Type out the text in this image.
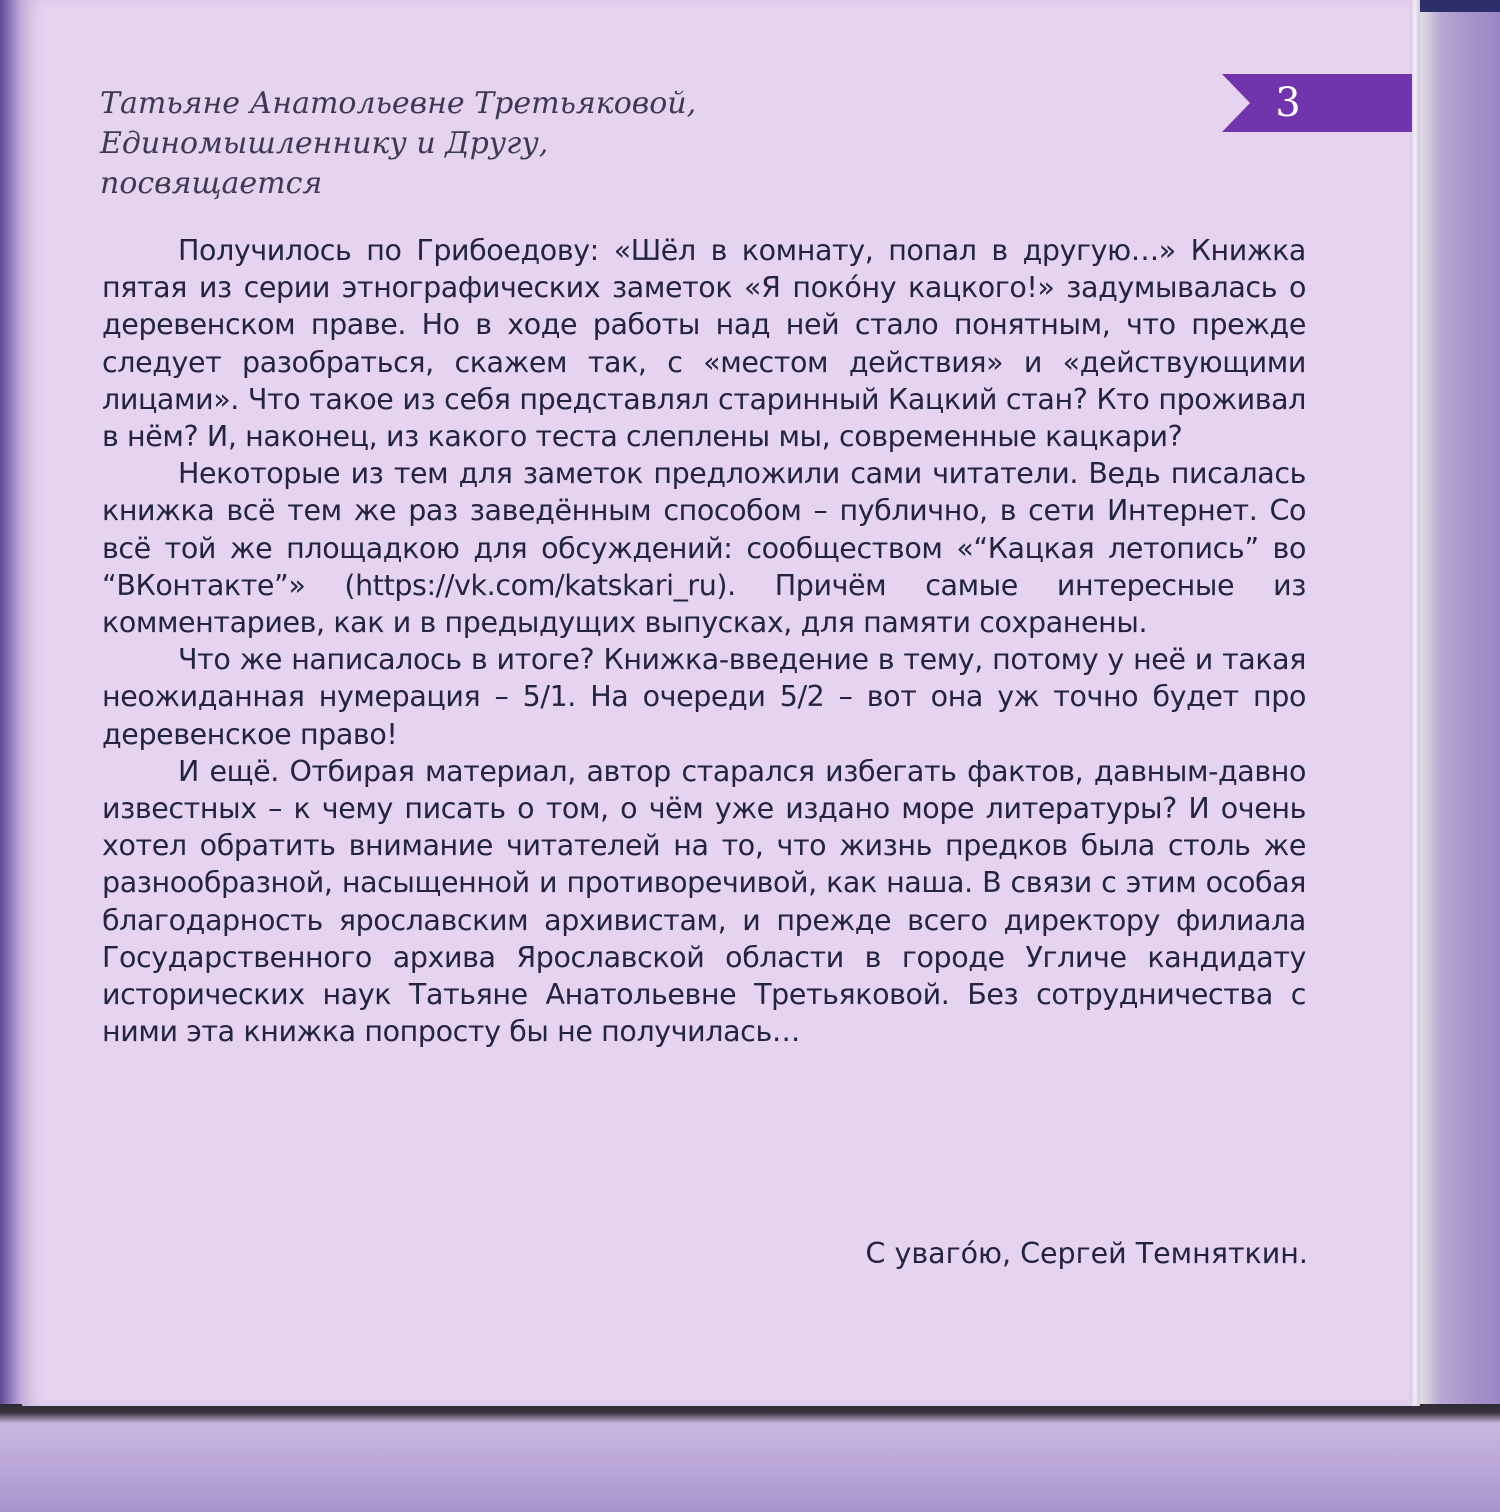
3
Татьяне Анатольевне Третьяковой,
Единомышленнику и Другу,
посвящается

Получилось по Грибоедову: «Шёл в комнату, попал в другую…» Книжка пятая из серии этнографических заметок «Я поко́ну кацкого!» задумывалась о деревенском праве. Но в ходе работы над ней стало понятным, что прежде следует разобраться, скажем так, с «местом действия» и «действующими лицами». Что такое из себя представлял старинный Кацкий стан? Кто проживал в нём? И, наконец, из какого теста слеплены мы, современные кацкари?

Некоторые из тем для заметок предложили сами читатели. Ведь писалась книжка всё тем же раз заведённым способом – публично, в сети Интернет. Со всё той же площадкою для обсуждений: сообществом «“Кацкая летопись” во “ВКонтакте”» (https://vk.com/katskari_ru). Причём самые интересные из комментариев, как и в предыдущих выпусках, для памяти сохранены.

Что же написалось в итоге? Книжка-введение в тему, потому у неё и такая неожиданная нумерация – 5/1. На очереди 5/2 – вот она уж точно будет про деревенское право!

И ещё. Отбирая материал, автор старался избегать фактов, давным-давно известных – к чему писать о том, о чём уже издано море литературы? И очень хотел обратить внимание читателей на то, что жизнь предков была столь же разнообразной, насыщенной и противоречивой, как наша. В связи с этим особая благодарность ярославским архивистам, и прежде всего директору филиала Государственного архива Ярославской области в городе Угличе кандидату исторических наук Татьяне Анатольевне Третьяковой. Без сотрудничества с ними эта книжка попросту бы не получилась…

С уваго́ю, Сергей Темняткин.
